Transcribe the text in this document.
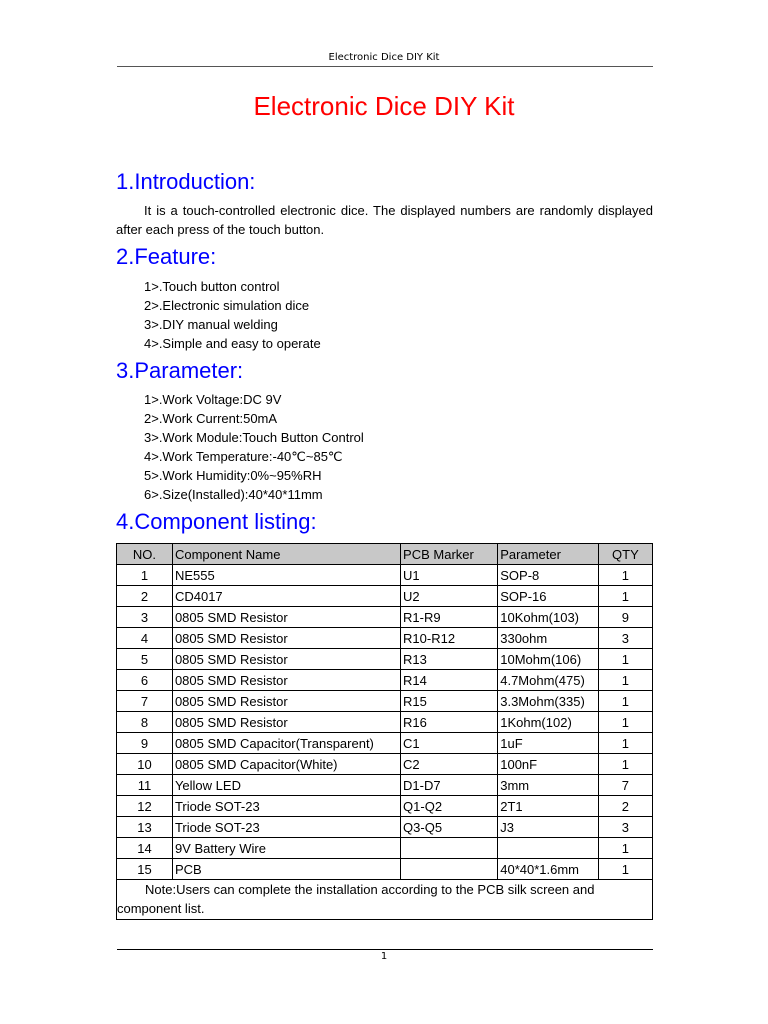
Electronic Dice DIY Kit
Electronic Dice DIY Kit
1.Introduction:

It is a touch-controlled electronic dice. The displayed numbers are randomly displayed after each press of the touch button.

2.Feature:
1>.Touch button control
2>.Electronic simulation dice
3>.DIY manual welding
4>.Simple and easy to operate
3.Parameter:
1>.Work Voltage:DC 9V
2>.Work Current:50mA
3>.Work Module:Touch Button Control
4>.Work Temperature:-40℃~85℃
5>.Work Humidity:0%~95%RH
6>.Size(Installed):40*40*11mm
4.Component listing:
NO.	Component Name	PCB Marker	Parameter	QTY
1	NE555	U1	SOP-8	1
2	CD4017	U2	SOP-16	1
3	0805 SMD Resistor	R1-R9	10Kohm(103)	9
4	0805 SMD Resistor	R10-R12	330ohm	3
5	0805 SMD Resistor	R13	10Mohm(106)	1
6	0805 SMD Resistor	R14	4.7Mohm(475)	1
7	0805 SMD Resistor	R15	3.3Mohm(335)	1
8	0805 SMD Resistor	R16	1Kohm(102)	1
9	0805 SMD Capacitor(Transparent)	C1	1uF	1
10	0805 SMD Capacitor(White)	C2	100nF	1
11	Yellow LED	D1-D7	3mm	7
12	Triode SOT-23	Q1-Q2	2T1	2
13	Triode SOT-23	Q3-Q5	J3	3
14	9V Battery Wire			1
15	PCB		40*40*1.6mm	1
Note:Users can complete the installation according to the PCB silk screen and component list.				
1
